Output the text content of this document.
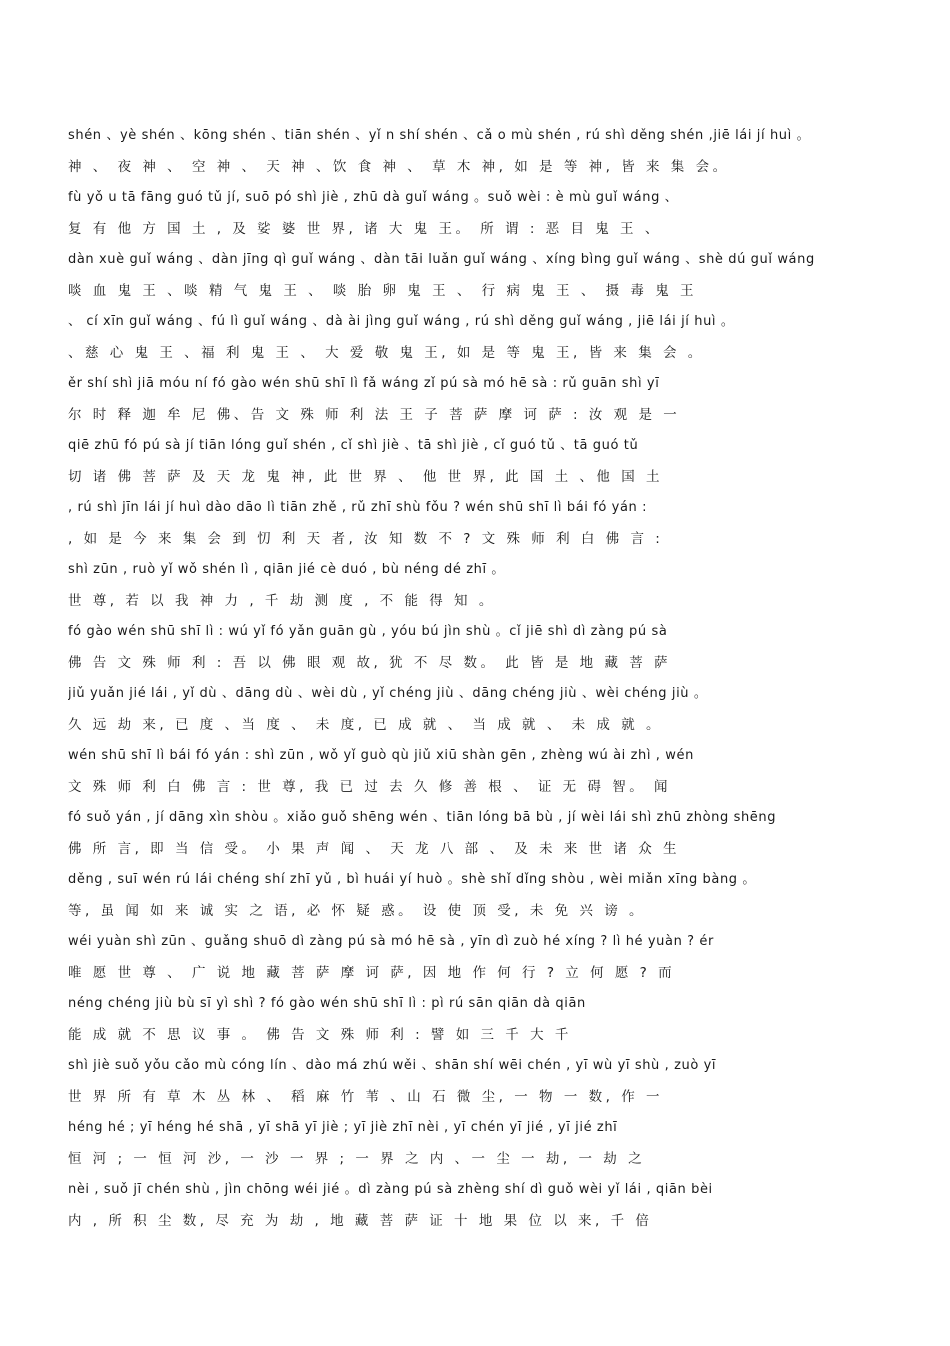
shén 、yè shén 、kōng shén 、tiān shén 、yǐ n shí shén 、cǎ o mù shén , rú shì děng shén ,jiē lái jí huì 。
神 、 夜 神 、 空 神 、 天 神 、饮 食 神 、 草 木 神, 如 是 等 神, 皆 来 集 会。
fù yǒ u tā fāng guó tǔ jí, suō pó shì jiè , zhū dà guǐ wáng 。suǒ wèi : è mù guǐ wáng 、
复 有 他 方 国 土 , 及 娑 婆 世 界, 诸 大 鬼 王。 所 谓 : 恶 目 鬼 王 、
dàn xuè guǐ wáng 、dàn jīng qì guǐ wáng 、dàn tāi luǎn guǐ wáng 、xíng bìng guǐ wáng 、shè dú guǐ wáng
啖 血 鬼 王 、啖 精 气 鬼 王 、 啖 胎 卵 鬼 王 、 行 病 鬼 王 、 摄 毒 鬼 王
、 cí xīn guǐ wáng 、fú lì guǐ wáng 、dà ài jìng guǐ wáng , rú shì děng guǐ wáng , jiē lái jí huì 。
、慈 心 鬼 王 、福 利 鬼 王 、 大 爱 敬 鬼 王, 如 是 等 鬼 王, 皆 来 集 会 。
ěr shí shì jiā móu ní fó gào wén shū shī lì fǎ wáng zǐ pú sà mó hē sà : rǔ guān shì yī
尔 时 释 迦 牟 尼 佛、告 文 殊 师 利 法 王 子 菩 萨 摩 诃 萨 : 汝 观 是 一
qiē zhū fó pú sà jí tiān lóng guǐ shén , cǐ shì jiè 、tā shì jiè , cǐ guó tǔ 、tā guó tǔ
切 诸 佛 菩 萨 及 天 龙 鬼 神, 此 世 界 、 他 世 界, 此 国 土 、他 国 土
, rú shì jīn lái jí huì dào dāo lì tiān zhě , rǔ zhī shù fǒu ? wén shū shī lì bái fó yán :
, 如 是 今 来 集 会 到 忉 利 天 者, 汝 知 数 不 ? 文 殊 师 利 白 佛 言 :
shì zūn , ruò yǐ wǒ shén lì , qiān jié cè duó , bù néng dé zhī 。
世 尊, 若 以 我 神 力 , 千 劫 测 度 , 不 能 得 知 。
fó gào wén shū shī lì : wú yǐ fó yǎn guān gù , yóu bú jìn shù 。cǐ jiē shì dì zàng pú sà
佛 告 文 殊 师 利 : 吾 以 佛 眼 观 故, 犹 不 尽 数。 此 皆 是 地 藏 菩 萨
jiǔ yuǎn jié lái , yǐ dù 、dāng dù 、wèi dù , yǐ chéng jiù 、dāng chéng jiù 、wèi chéng jiù 。
久 远 劫 来, 已 度 、当 度 、 未 度, 已 成 就 、 当 成 就 、 未 成 就 。
wén shū shī lì bái fó yán : shì zūn , wǒ yǐ guò qù jiǔ xiū shàn gēn , zhèng wú ài zhì , wén
文 殊 师 利 白 佛 言 : 世 尊, 我 已 过 去 久 修 善 根 、 证 无 碍 智。 闻
fó suǒ yán , jí dāng xìn shòu 。xiǎo guǒ shēng wén 、tiān lóng bā bù , jí wèi lái shì zhū zhòng shēng
佛 所 言, 即 当 信 受。 小 果 声 闻 、 天 龙 八 部 、 及 未 来 世 诸 众 生
děng , suī wén rú lái chéng shí zhī yǔ , bì huái yí huò 。shè shǐ dǐng shòu , wèi miǎn xīng bàng 。
等, 虽 闻 如 来 诚 实 之 语, 必 怀 疑 惑。 设 使 顶 受, 未 免 兴 谤 。
wéi yuàn shì zūn 、guǎng shuō dì zàng pú sà mó hē sà , yīn dì zuò hé xíng ? lì hé yuàn ? ér
唯 愿 世 尊 、 广 说 地 藏 菩 萨 摩 诃 萨, 因 地 作 何 行 ? 立 何 愿 ? 而
néng chéng jiù bù sī yì shì ? fó gào wén shū shī lì : pì rú sān qiān dà qiān
能 成 就 不 思 议 事 。 佛 告 文 殊 师 利 : 譬 如 三 千 大 千
shì jiè suǒ yǒu cǎo mù cóng lín 、dào má zhú wěi 、shān shí wēi chén , yī wù yī shù , zuò yī
世 界 所 有 草 木 丛 林 、 稻 麻 竹 苇 、山 石 微 尘, 一 物 一 数, 作 一
héng hé ; yī héng hé shā , yī shā yī jiè ; yī jiè zhī nèi , yī chén yī jié , yī jié zhī
恒 河 ; 一 恒 河 沙, 一 沙 一 界 ; 一 界 之 内 、一 尘 一 劫, 一 劫 之
nèi , suǒ jī chén shù , jìn chōng wéi jié 。dì zàng pú sà zhèng shí dì guǒ wèi yǐ lái , qiān bèi
内 , 所 积 尘 数, 尽 充 为 劫 , 地 藏 菩 萨 证 十 地 果 位 以 来, 千 倍
